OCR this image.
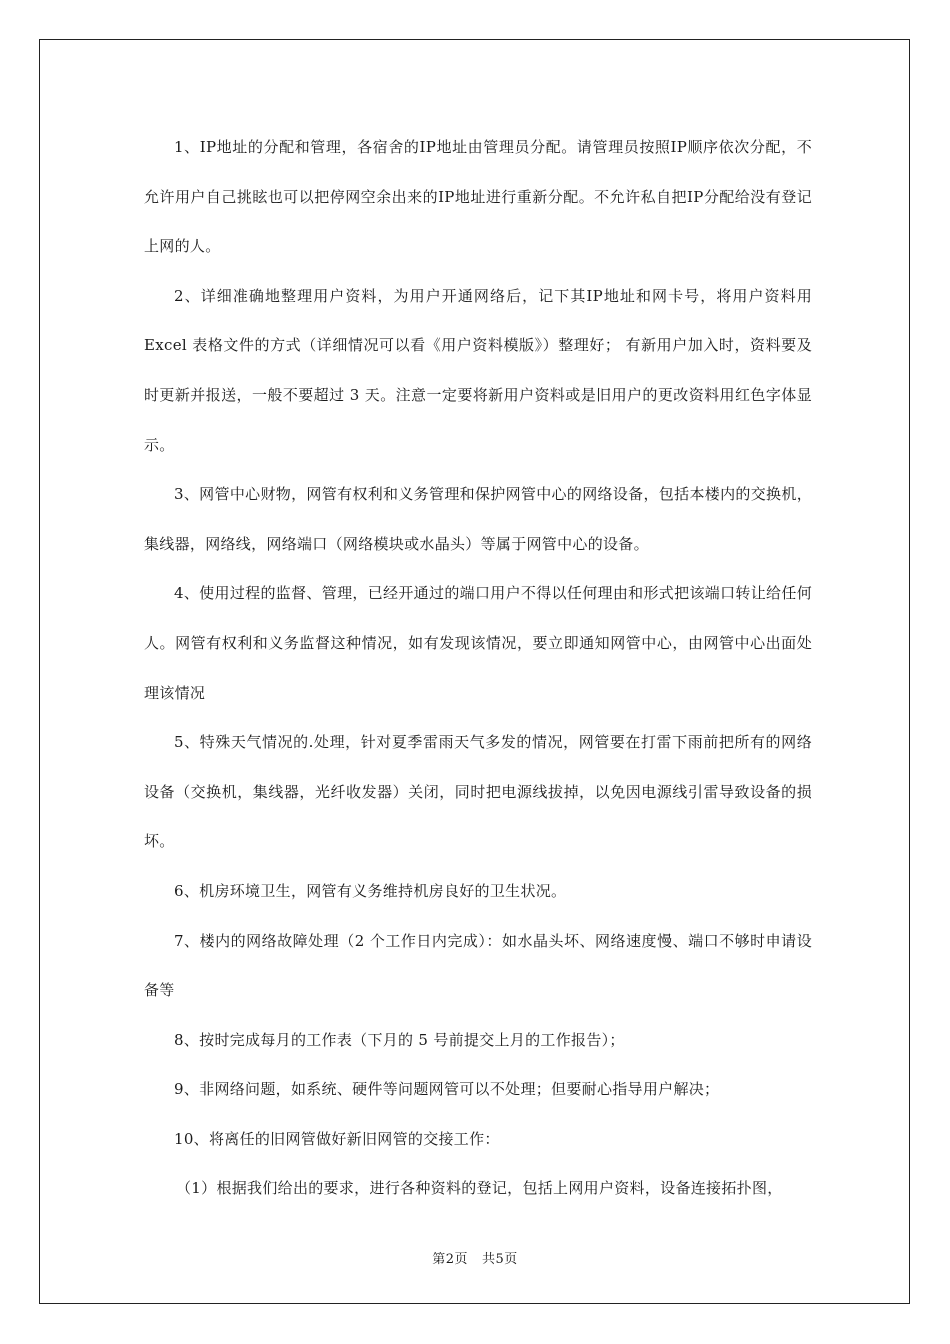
1、IP地址的分配和管理，各宿舍的IP地址由管理员分配。请管理员按照IP顺序依次分配，不允许用户自己挑眩也可以把停网空余出来的IP地址进行重新分配。不允许私自把IP分配给没有登记上网的人。

2、详细准确地整理用户资料，为用户开通网络后，记下其IP地址和网卡号，将用户资料用Excel 表格文件的方式（详细情况可以看《用户资料模版》）整理好； 有新用户加入时，资料要及时更新并报送，一般不要超过 3 天。注意一定要将新用户资料或是旧用户的更改资料用红色字体显示。

3、网管中心财物，网管有权利和义务管理和保护网管中心的网络设备，包括本楼内的交换机，集线器，网络线，网络端口（网络模块或水晶头）等属于网管中心的设备。

4、使用过程的监督、管理，已经开通过的端口用户不得以任何理由和形式把该端口转让给任何人。网管有权利和义务监督这种情况，如有发现该情况，要立即通知网管中心，由网管中心出面处理该情况

5、特殊天气情况的.处理，针对夏季雷雨天气多发的情况，网管要在打雷下雨前把所有的网络设备（交换机，集线器，光纤收发器）关闭，同时把电源线拔掉，以免因电源线引雷导致设备的损坏。

6、机房环境卫生，网管有义务维持机房良好的卫生状况。

7、楼内的网络故障处理（2 个工作日内完成）：如水晶头坏、网络速度慢、端口不够时申请设备等

8、按时完成每月的工作表（下月的 5 号前提交上月的工作报告）；

9、非网络问题，如系统、硬件等问题网管可以不处理；但要耐心指导用户解决；

10、将离任的旧网管做好新旧网管的交接工作：

（1）根据我们给出的要求，进行各种资料的登记，包括上网用户资料，设备连接拓扑图，

第2页 共5页
